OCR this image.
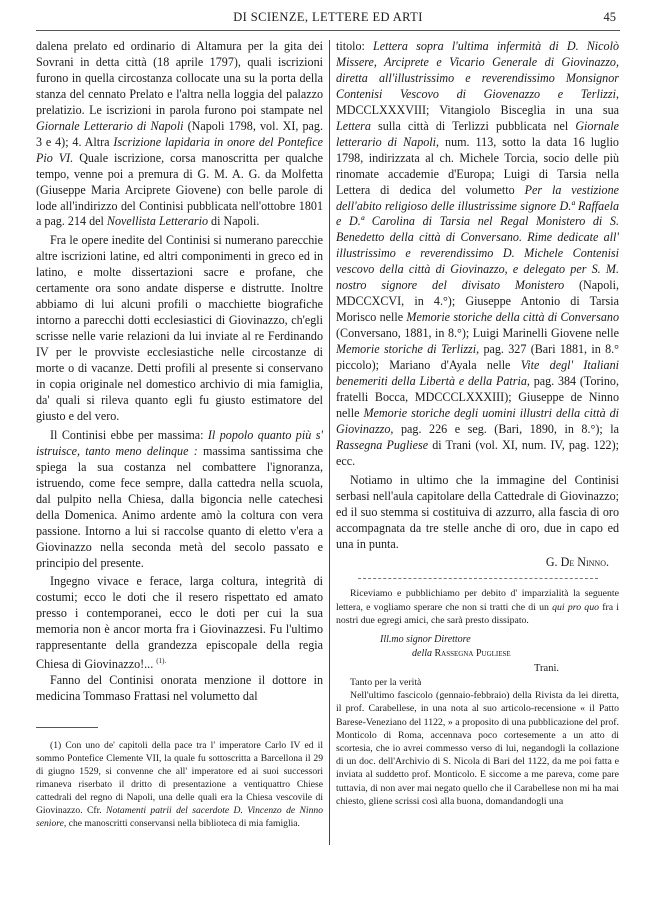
DI SCIENZE, LETTERE ED ARTI	45

dalena prelato ed ordinario di Altamura per la gita dei Sovrani in detta città (18 aprile 1797), quali iscrizioni furono in quella circostanza collocate una su la porta della stanza del cennato Prelato e l'altra nella loggia del palazzo prelatizio. Le iscrizioni in parola furono poi stampate nel Giornale Letterario di Napoli (Napoli 1798, vol. XI, pag. 3 e 4); 4. Altra Iscrizione lapidaria in onore del Pontefice Pio VI. Quale iscrizione, corsa manoscritta per qualche tempo, venne poi a premura di G. M. A. G. da Molfetta (Giuseppe Maria Arciprete Giovene) con belle parole di lode all'indirizzo del Continisi pubblicata nell'ottobre 1801 a pag. 214 del Novellista Letterario di Napoli.

Fra le opere inedite del Continisi si numerano parecchie altre iscrizioni latine, ed altri componimenti in greco ed in latino, e molte dissertazioni sacre e profane, che certamente ora sono andate disperse e distrutte. Inoltre abbiamo di lui alcuni profili o macchiette biografiche intorno a parecchi dotti ecclesiastici di Giovinazzo, ch'egli scrisse nelle varie relazioni da lui inviate al re Ferdinando IV per le provviste ecclesiastiche nelle circostanze di morte o di vacanze. Detti profili al presente si conservano in copia originale nel domestico archivio di mia famiglia, da' quali si rileva quanto egli fu giusto estimatore del giusto e del vero.

Il Continisi ebbe per massima: Il popolo quanto più s' istruisce, tanto meno delinque : massima santissima che spiega la sua costanza nel combattere l'ignoranza, istruendo, come fece sempre, dalla cattedra nella scuola, dal pulpito nella Chiesa, dalla bigoncia nelle catechesi della Domenica. Animo ardente amò la coltura con vera passione. Intorno a lui si raccolse quanto di eletto v'era a Giovinazzo nella seconda metà del secolo passato e principio del presente.

Ingegno vivace e ferace, larga coltura, integrità di costumi; ecco le doti che il resero rispettato ed amato presso i contemporanei, ecco le doti per cui la sua memoria non è ancor morta fra i Giovinazzesi. Fu l'ultimo rappresentante della grandezza episcopale della regia Chiesa di Giovinazzo!... $^{(1).}$

Fanno del Continisi onorata menzione il dottore in medicina Tommaso Frattasi nel volumetto dal

(1) Con uno de' capitoli della pace tra l' imperatore Carlo IV ed il sommo Pontefice Clemente VII, la quale fu sottoscritta a Barcellona il 29 di giugno 1529, si convenne che all' imperatore ed ai suoi successori rimaneva riserbato il dritto di presentazione a ventiquattro Chiese cattedrali del regno di Napoli, una delle quali era la Chiesa vescovile di Giovinazzo. Cfr. Notamenti patrii del sacerdote D. Vincenzo de Ninno seniore, che manoscritti conservansi nella biblioteca di mia famiglia.

titolo: Lettera sopra l'ultima infermità di D. Nicolò Missere, Arciprete e Vicario Generale di Giovinazzo, diretta all'illustrissimo e reverendissimo Monsignor Contenisi Vescovo di Giovenazzo e Terlizzi, MDCCLXXXVIII; Vitangiolo Bisceglia in una sua Lettera sulla città di Terlizzi pubblicata nel Giornale letterario di Napoli, num. 113, sotto la data 16 luglio 1798, indirizzata al ch. Michele Torcia, socio delle più rinomate accademie d'Europa; Luigi di Tarsia nella Lettera di dedica del volumetto Per la vestizione dell'abito religioso delle illustrissime signore D.ª Raffaela e D.ª Carolina di Tarsia nel Regal Monistero di S. Benedetto della città di Conversano. Rime dedicate all' illustrissimo e reverendissimo D. Michele Contenisi vescovo della città di Giovinazzo, e delegato per S. M. nostro signore del divisato Monistero (Napoli, MDCCXCVI, in 4.°); Giuseppe Antonio di Tarsia Morisco nelle Memorie storiche della città di Conversano (Conversano, 1881, in 8.°); Luigi Marinelli Giovene nelle Memorie storiche di Terlizzi, pag. 327 (Bari 1881, in 8.° piccolo); Mariano d'Ayala nelle Vite degl' Italiani benemeriti della Libertà e della Patria, pag. 384 (Torino, fratelli Bocca, MDCCCLXXXIII); Giuseppe de Ninno nelle Memorie storiche degli uomini illustri della città di Giovinazzo, pag. 226 e seg. (Bari, 1890, in 8.°); la Rassegna Pugliese di Trani (vol. XI, num. IV, pag. 122); ecc.

Notiamo in ultimo che la immagine del Continisi serbasi nell'aula capitolare della Cattedrale di Giovinazzo; ed il suo stemma si costituiva di azzurro, alla fascia di oro accompagnata da tre stelle anche di oro, due in capo ed una in punta.

G. De Ninno.

Riceviamo e pubblichiamo per debito d' imparzialità la seguente lettera, e vogliamo sperare che non si tratti che di un qui pro quo fra i nostri due egregi amici, che sarà presto dissipato.

Ill.mo signor Direttore

della Rassegna Pugliese

Trani.

Tanto per la verità

Nell'ultimo fascicolo (gennaio-febbraio) della Rivista da lei diretta, il prof. Carabellese, in una nota al suo articolo-recensione « il Patto Barese-Veneziano del 1122, » a proposito di una pubblicazione del prof. Monticolo di Roma, accennava poco cortesemente a un atto di scortesia, che io avrei commesso verso di lui, negandogli la collazione di un doc. dell'Archivio di S. Nicola di Bari del 1122, da me poi fatta e inviata al suddetto prof. Monticolo. E siccome a me pareva, come pare tuttavia, di non aver mai negato quello che il Carabellese non mi ha mai chiesto, gliene scrissi così alla buona, domandandogli una
